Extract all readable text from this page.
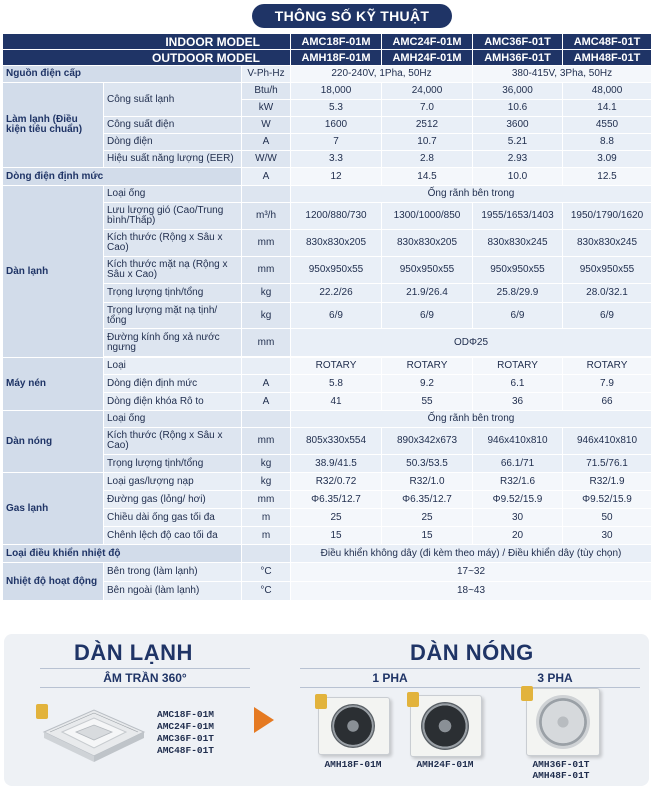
THÔNG SỐ KỸ THUẬT
INDOOR MODEL			AMC18F-01M	AMC24F-01M	AMC36F-01T	AMC48F-01T
OUTDOOR MODEL			AMH18F-01M	AMH24F-01M	AMH36F-01T	AMH48F-01T
Nguồn điện cấp		V-Ph-Hz	220-240V, 1Pha, 50Hz		380-415V, 3Pha, 50Hz	
Làm lạnh (Điều kiện tiêu chuẩn)	Công suất lạnh	Btu/h	18,000	24,000	36,000	48,000
		kW	5.3	7.0	10.6	14.1
	Công suất điện	W	1600	2512	3600	4550
	Dòng điện	A	7	10.7	5.21	8.8
	Hiệu suất năng lượng (EER)	W/W	3.3	2.8	2.93	3.09
Dòng điện định mức		A	12	14.5	10.0	12.5
Dàn lạnh	Loại ống		Ống rãnh bên trong			
	Lưu lượng gió (Cao/Trung bình/Thấp)	m³/h	1200/880/730	1300/1000/850	1955/1653/1403	1950/1790/1620
	Kích thước (Rộng x Sâu x Cao)	mm	830x830x205	830x830x205	830x830x245	830x830x245
	Kích thước mặt nạ (Rộng x Sâu x Cao)	mm	950x950x55	950x950x55	950x950x55	950x950x55
	Trọng lượng tịnh/tổng	kg	22.2/26	21.9/26.4	25.8/29.9	28.0/32.1
	Trọng lượng mặt nạ tịnh/ tổng	kg	6/9	6/9	6/9	6/9
	Đường kính ống xả nước ngưng	mm	ODΦ25			

Máy nén	Loại		ROTARY	ROTARY	ROTARY	ROTARY
	Dòng điện định mức	A	5.8	9.2	6.1	7.9
	Dòng điện khóa Rô to	A	41	55	36	66
Dàn nóng	Loại ống		Ống rãnh bên trong			
	Kích thước (Rộng x Sâu x Cao)	mm	805x330x554	890x342x673	946x410x810	946x410x810
	Trọng lượng tịnh/tổng	kg	38.9/41.5	50.3/53.5	66.1/71	71.5/76.1
Gas lạnh	Loại gas/lượng nạp	kg	R32/0.72	R32/1.0	R32/1.6	R32/1.9
	Đường gas (lỏng/ hơi)	mm	Φ6.35/12.7	Φ6.35/12.7	Φ9.52/15.9	Φ9.52/15.9
	Chiều dài ống gas tối đa	m	25	25	30	50
	Chênh lệch độ cao tối đa	m	15	15	20	30
Loại điều khiển nhiệt độ			Điều khiển không dây (đi kèm theo máy) / Điều khiển dây (tùy chọn)			
Nhiệt độ hoạt động	Bên trong (làm lạnh)	°C	17~32			
	Bên ngoài (làm lạnh)	°C	18~43			
DÀN LẠNH	DÀN NÓNG
ÂM TRẦN 360°	1 PHA	3 PHA
AMC18F-01M
AMC24F-01M
AMC36F-01T
AMC48F-01T
AMH18F-01M	AMH24F-01M	AMH36F-01T
AMH48F-01T
